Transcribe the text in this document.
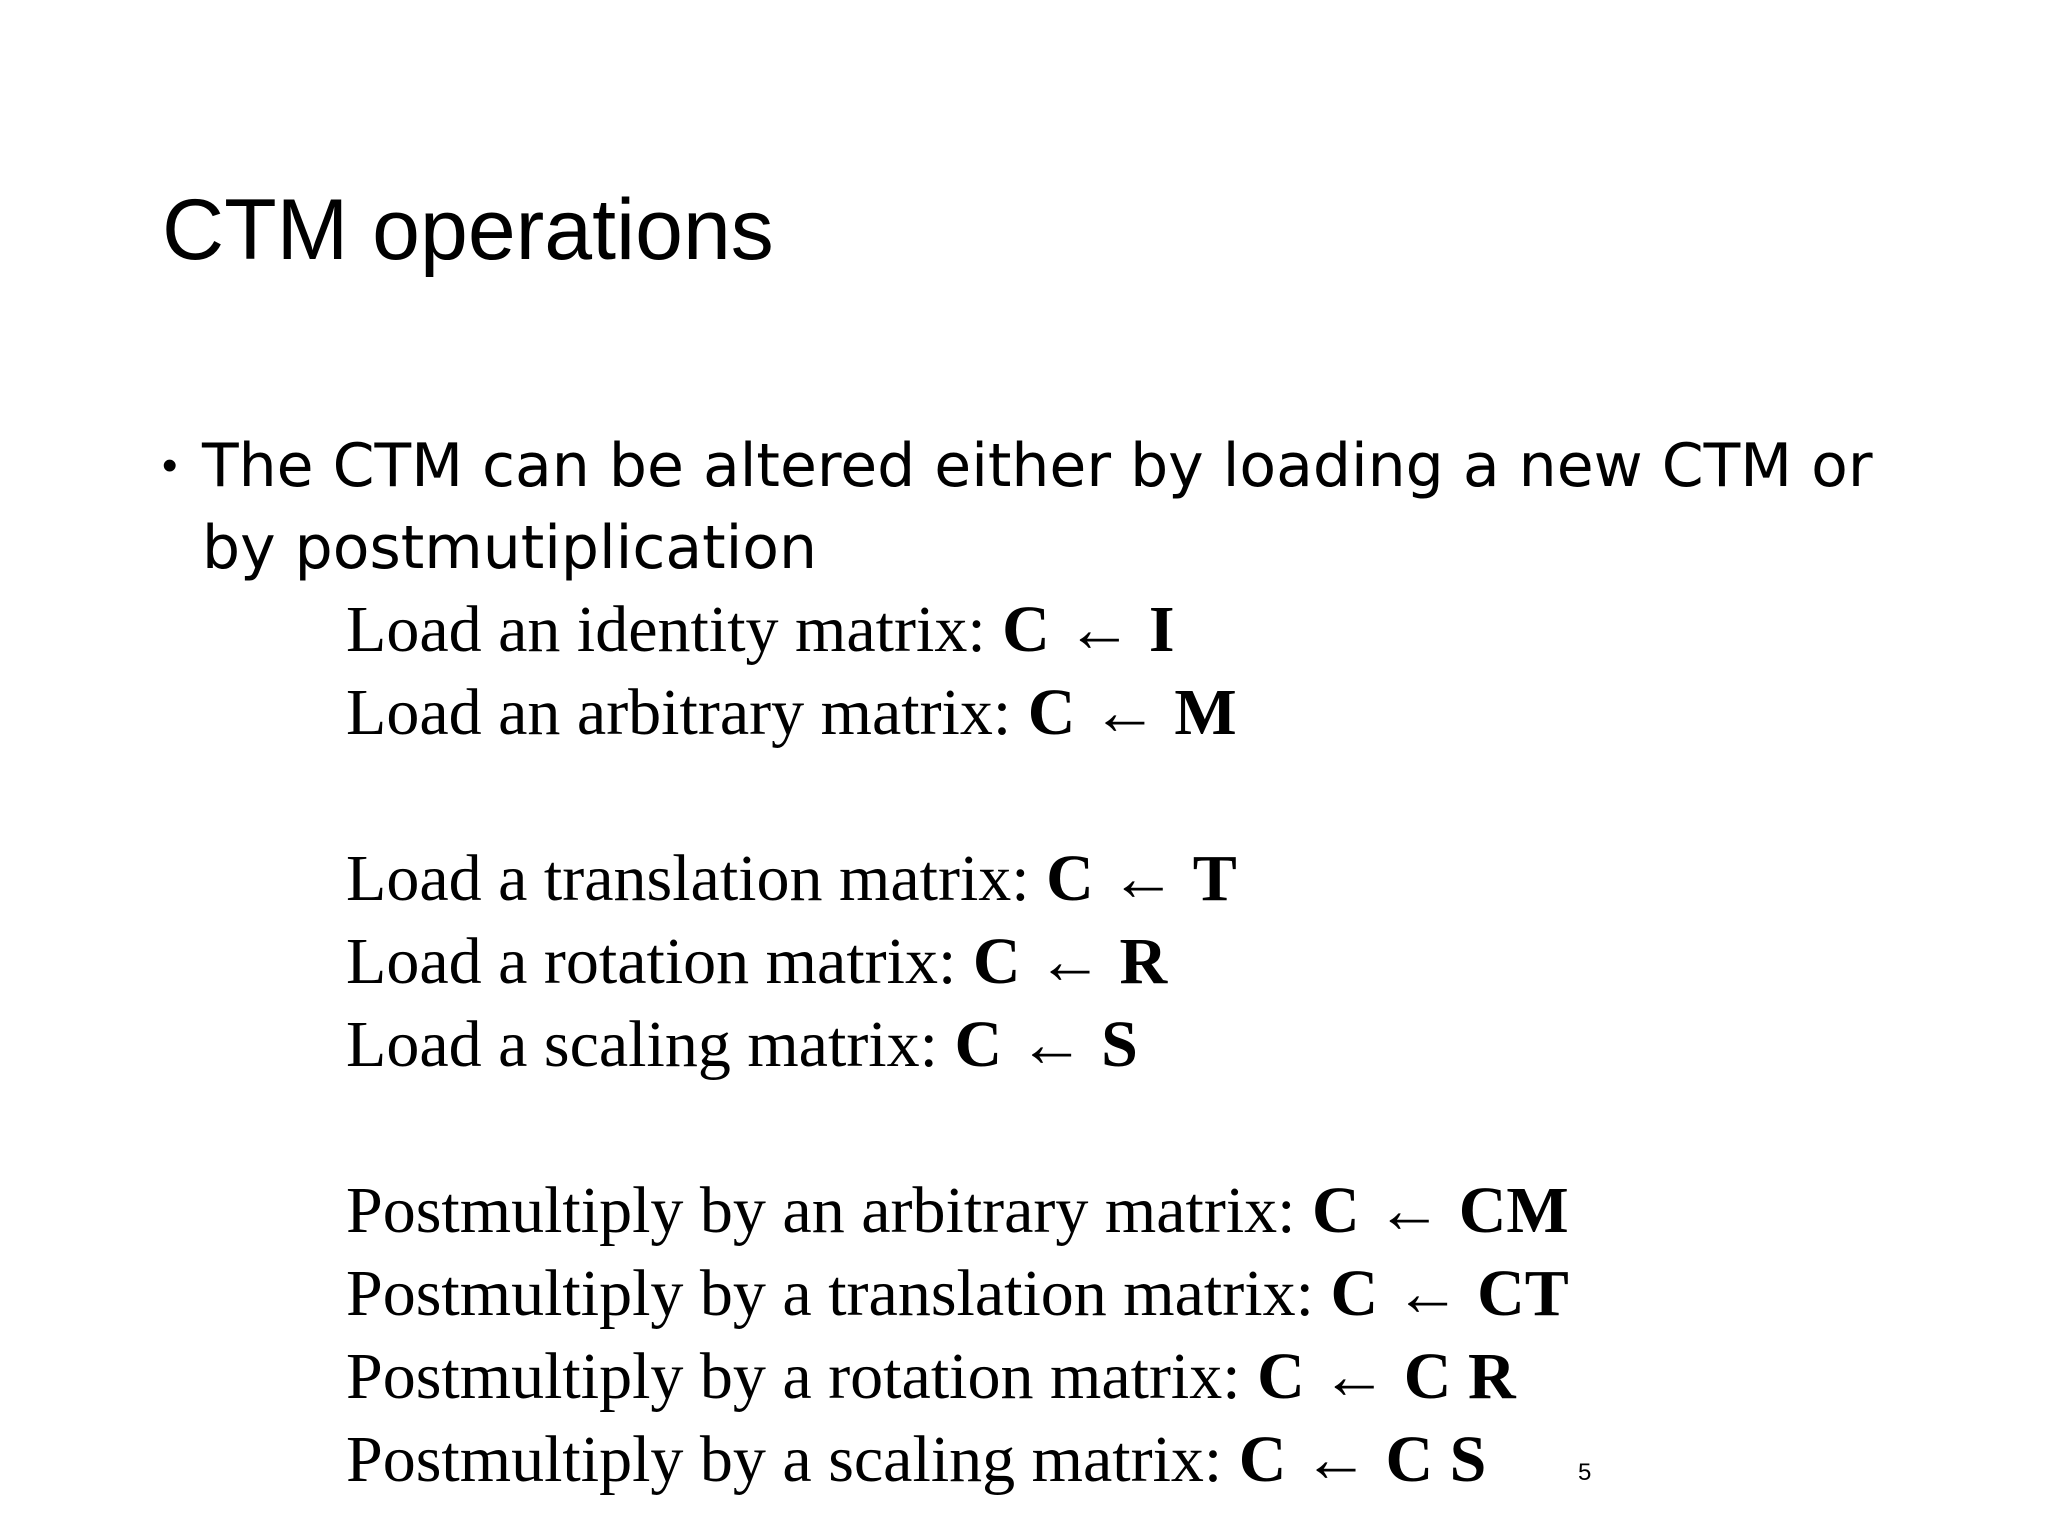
CTM operations
• The CTM can be altered either by loading a new CTM or by postmutiplication
Load an identity matrix: C ← I
Load an arbitrary matrix: C ← M
Load a translation matrix: C ← T
Load a rotation matrix: C ← R
Load a scaling matrix: C ← S
Postmultiply by an arbitrary matrix: C ← CM
Postmultiply by a translation matrix: C ← CT
Postmultiply by a rotation matrix: C ← C R
Postmultiply by a scaling matrix: C ← C S	5
